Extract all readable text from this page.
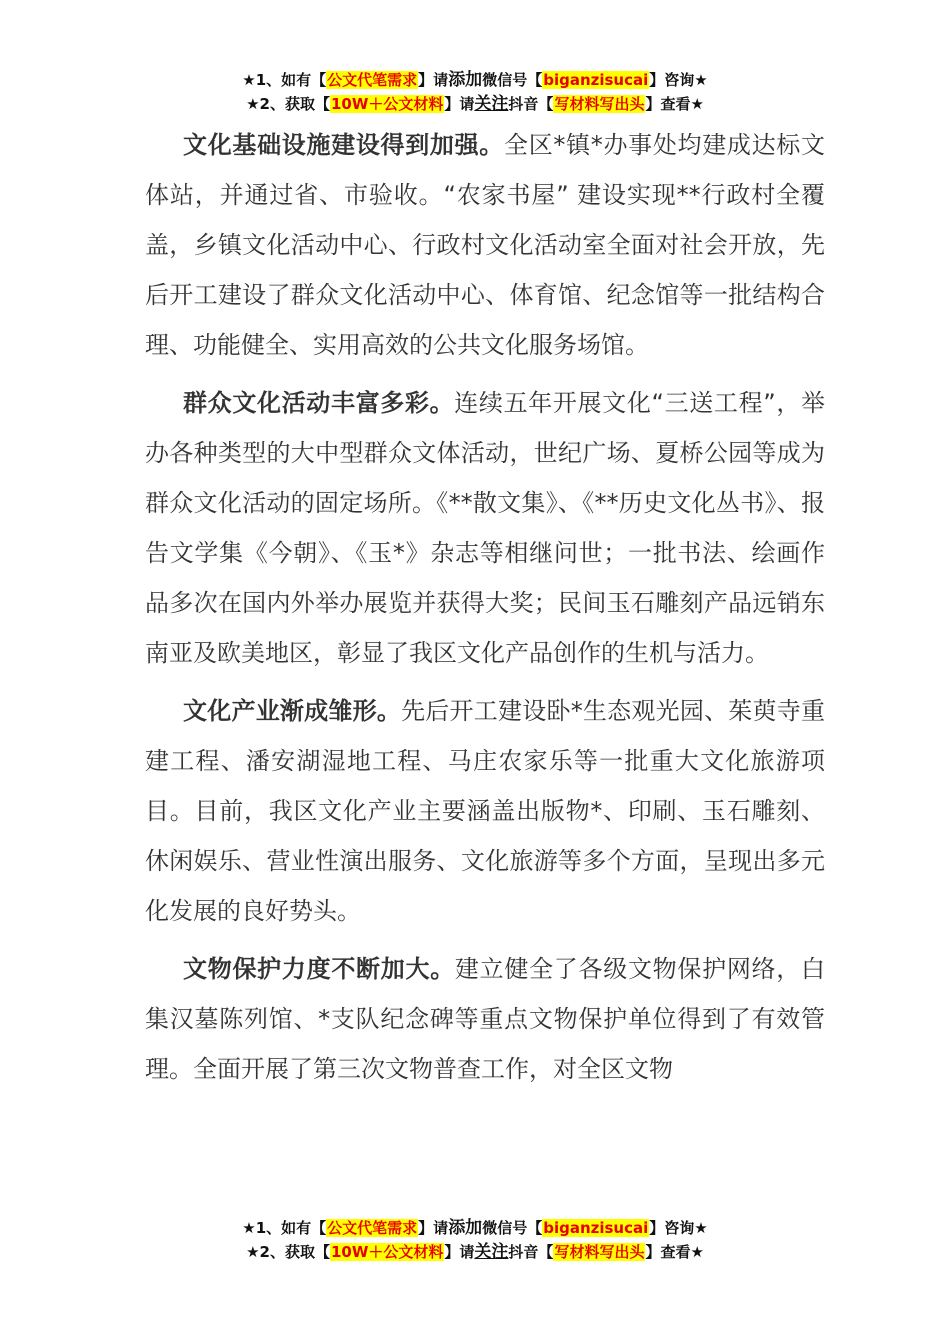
★1、如有【公文代笔需求】请添加微信号【biganzisucai】咨询★
★2、获取【10W＋公文材料】请关注抖音【写材料写出头】查看★

文化基础设施建设得到加强。全区*镇*办事处均建成达标文体站，并通过省、市验收。“农家书屋” 建设实现**行政村全覆盖，乡镇文化活动中心、行政村文化活动室全面对社会开放，先后开工建设了群众文化活动中心、体育馆、纪念馆等一批结构合理、功能健全、实用高效的公共文化服务场馆。

群众文化活动丰富多彩。连续五年开展文化“三送工程”，举办各种类型的大中型群众文体活动，世纪广场、夏桥公园等成为群众文化活动的固定场所。《**散文集》、《**历史文化丛书》、报告文学集《今朝》、《玉*》杂志等相继问世；一批书法、绘画作品多次在国内外举办展览并获得大奖；民间玉石雕刻产品远销东南亚及欧美地区，彰显了我区文化产品创作的生机与活力。

文化产业渐成雏形。先后开工建设卧*生态观光园、茱萸寺重建工程、潘安湖湿地工程、马庄农家乐等一批重大文化旅游项目。目前，我区文化产业主要涵盖出版物*、印刷、玉石雕刻、休闲娱乐、营业性演出服务、文化旅游等多个方面，呈现出多元化发展的良好势头。

文物保护力度不断加大。建立健全了各级文物保护网络，白集汉墓陈列馆、*支队纪念碑等重点文物保护单位得到了有效管理。全面开展了第三次文物普查工作，对全区文物

★1、如有【公文代笔需求】请添加微信号【biganzisucai】咨询★
★2、获取【10W＋公文材料】请关注抖音【写材料写出头】查看★
